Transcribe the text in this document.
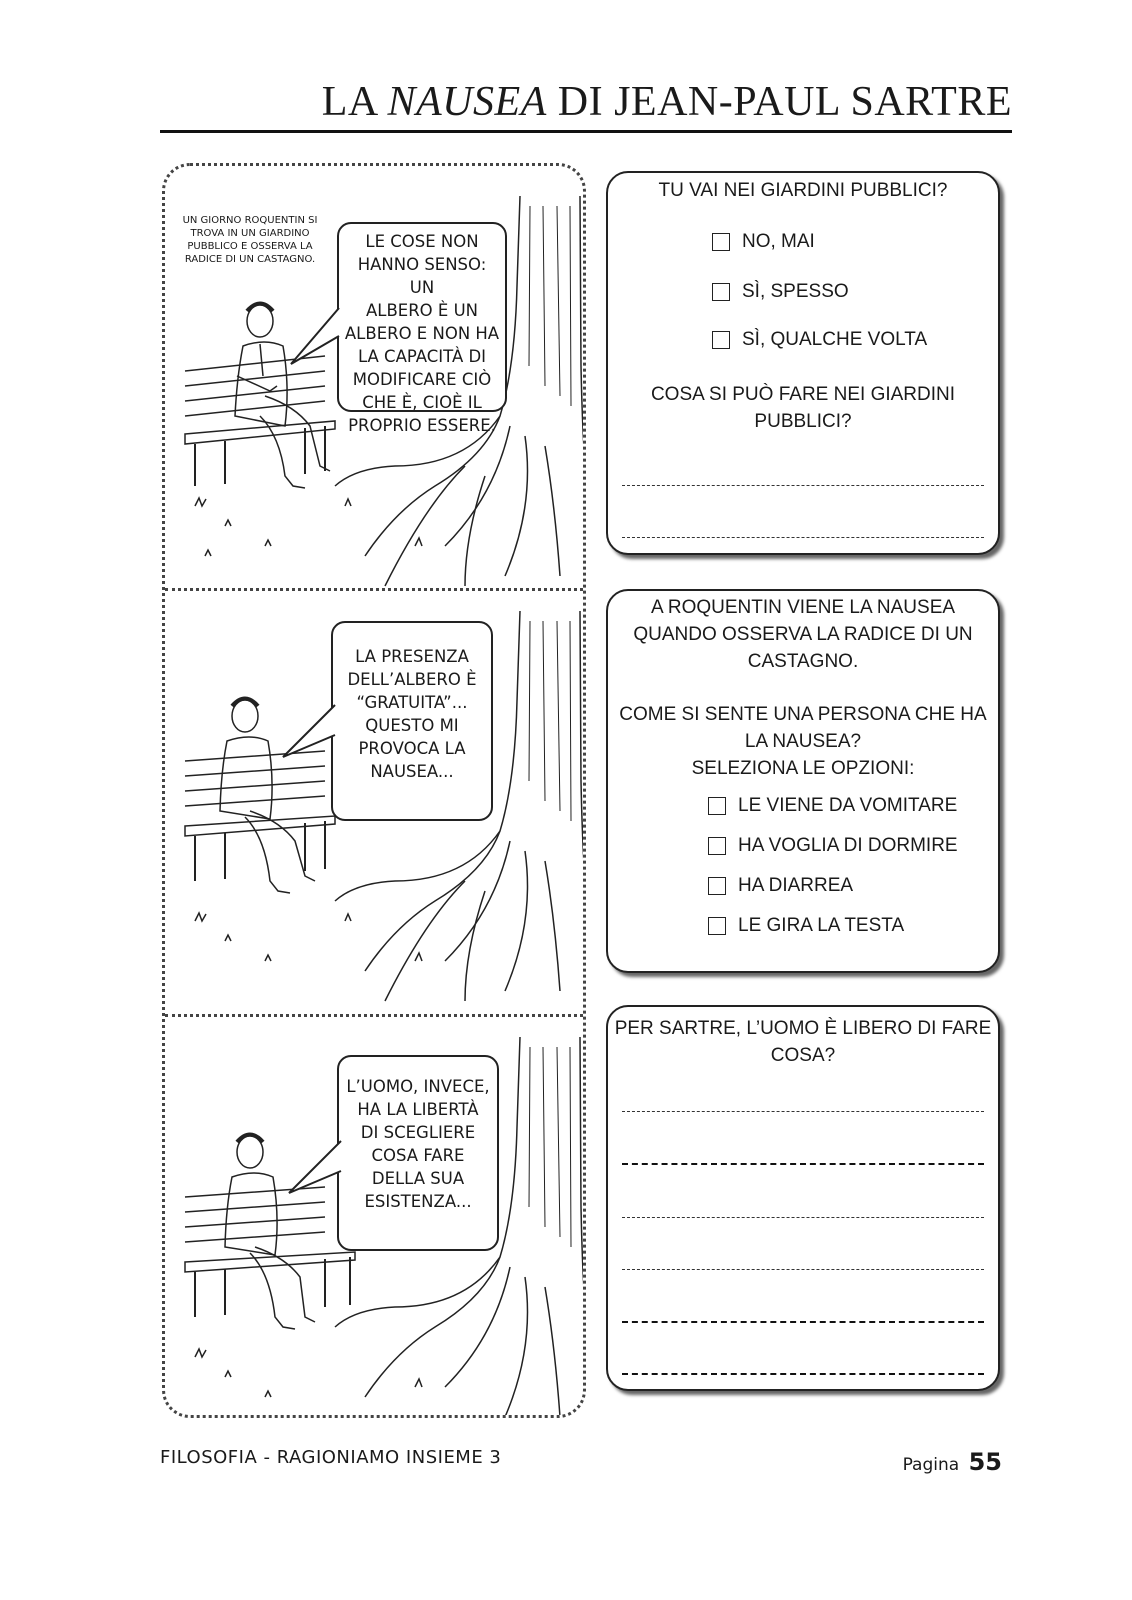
LA NAUSEA DI JEAN-PAUL SARTRE
UN GIORNO ROQUENTIN SI TROVA IN UN GIARDINO PUBBLICO E OSSERVA LA RADICE DI UN CASTAGNO.
LE COSE NON
HANNO SENSO: UN
ALBERO È UN
ALBERO E NON HA
LA CAPACITÀ DI
MODIFICARE CIÒ
CHE È, CIOÈ IL
PROPRIO ESSERE.
LA PRESENZA
DELL’ALBERO È
“GRATUITA”...
QUESTO MI
PROVOCA LA
NAUSEA...
L’UOMO, INVECE,
HA LA LIBERTÀ
DI SCEGLIERE
COSA FARE
DELLA SUA
ESISTENZA...
TU VAI NEI GIARDINI PUBBLICI?
NO, MAI
SÌ, SPESSO
SÌ, QUALCHE VOLTA
COSA SI PUÒ FARE NEI GIARDINI
PUBBLICI?
A ROQUENTIN VIENE LA NAUSEA
QUANDO OSSERVA LA RADICE DI UN
CASTAGNO.
COME SI SENTE UNA PERSONA CHE HA
LA NAUSEA?
SELEZIONA LE OPZIONI:
LE VIENE DA VOMITARE
HA VOGLIA DI DORMIRE
HA DIARREA
LE GIRA LA TESTA
PER SARTRE, L’UOMO È LIBERO DI FARE
COSA?
FILOSOFIA - RAGIONIAMO INSIEME 3	Pagina 55
